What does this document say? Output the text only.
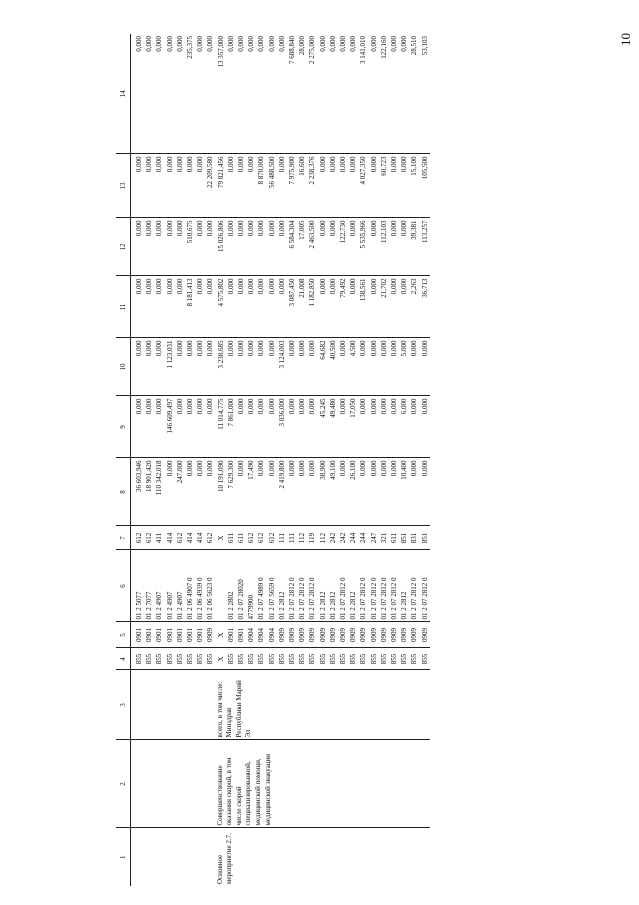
10
1	2	3	4	5	6	7	8	9	10	11	12	13	14
			855	0901	01 2 5077	612	36 603,946	0,000	0,000	0,000	0,000	0,000	0,000
			855	0901	01 2 7077	612	18 901,420	0,000	0,000	0,000	0,000	0,000	0,000
			855	0901	01 2 4907	411	110 342,018	0,000	0,000	0,000	0,000	0,000	0,000
			855	0901	01 2 4907	414	0,000	146 609,497	1 123,031	0,000	0,000	0,000	0,000
			855	0901	01 2 4907	612	247,000	0,000	0,000	0,000	0,000	0,000	0,000
			855	0901	01 2 06 4907 0	414	0,000	0,000	0,000	8 181,413	510,675	0,000	235,375
			855	0901	01 2 06 4939 0	414	0,000	0,000	0,000	0,000	0,000	0,000	0,000
			855	0909	01 2 06 5623 0	612	0,000	0,000	0,000	0,000	0,000	22 209,580	0,000

Основное мероприятие 2.7.	Совершенствование оказания скорой, в том числе скорой специализированной, медицинской помощи, медицинской эвакуации	всего, в том числе: Минздрав Республики Марий Эл	X	X		X	10 191,090	11 014,775	3 238,685	4 575,802	15 026,806	79 821,456	13 357,000
			855	0901	01 2 2802	611	7 629,300	7 861,000	0,000	0,000	0,000	0,000	0,000
			855	0901	01 2 07 28020	611	0,000	0,000	0,000	0,000	0,000	0,000	0,000
			855	0904	4779900	612	17,490	0,000	0,000	0,000	0,000	0,000	0,000
			855	0904	01 2 07 4989 0	612	0,000	0,000	0,000	0,000	0,000	8 870,000	0,000
			855	0904	01 2 07 5659 0	612	0,000	0,000	0,000	0,000	0,000	56 488,500	0,000
			855	0909	01 2 2812	111	2 419,800	3 036,000	3 124,003	0,000	0,000	0,000	0,000
			855	0909	01 2 07 2812 0	111	0,000	0,000	0,000	3 087,450	6 584,304	7 975,900	7 688,840
			855	0909	01 2 07 2812 0	112	0,000	0,000	0,000	21,008	17,005	16,600	28,000
			855	0909	01 2 07 2812 0	119	0,000	0,000	0,000	1 182,850	2 463,500	2 238,376	2 275,000
			855	0909	01 2 2812	112	38,900	45,245	64,682	0,000	0,000	0,000	0,000
			855	0909	01 2 2812	242	49,100	49,480	40,500	0,000	0,000	0,000	0,000
			855	0909	01 2 07 2812 0	242	0,000	0,000	0,000	79,492	122,730	0,000	0,000
			855	0909	01 2 2812	244	26,100	17,050	4,500	0,000	0,000	0,000	0,000
			855	0909	01 2 07 2812 0	244	0,000	0,000	0,000	138,561	5 535,966	4 027,350	3 141,010
			855	0909	01 2 07 2812 0	247	0,000	0,000	0,000	0,000	0,000	0,000	0,000
			855	0909	01 2 07 2812 0	321	0,000	0,000	0,000	21,702	112,103	60,723	122,160
			855	0909	01 2 07 2812 0	611	0,000	0,000	0,000	0,000	0,000	0,000	0,000
			855	0909	01 2 2812	851	10,400	6,000	5,000	0,000	0,000	0,000	0,000
			855	0909	01 2 07 2812 0	831	0,000	0,000	0,000	2,263	39,381	15,100	28,510
			855	0909	01 2 07 2812 0	851	0,000	0,000	0,000	36,713	113,257	105,500	53,103
